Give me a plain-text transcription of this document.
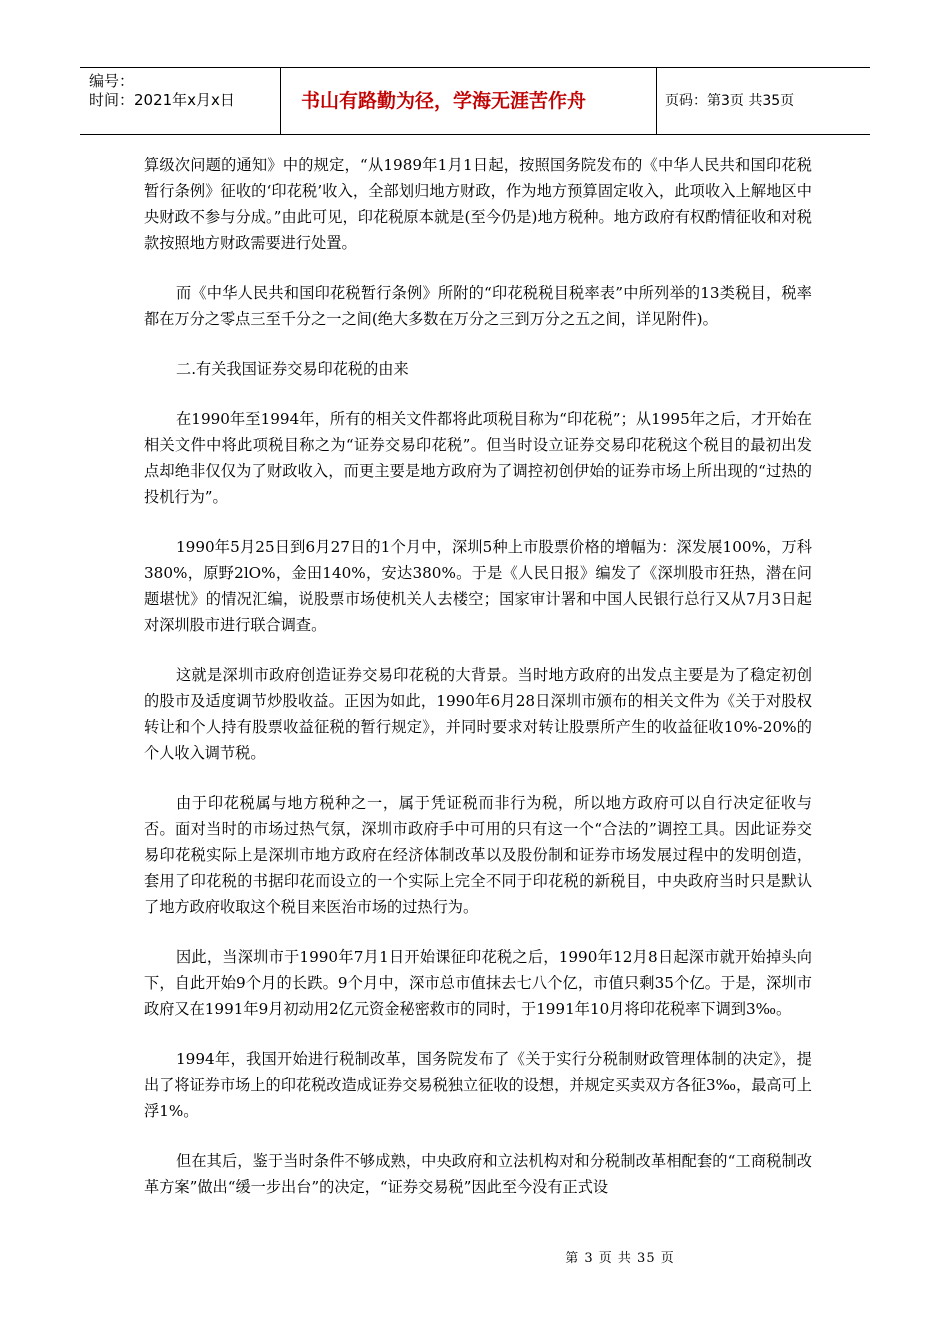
编号：
时间：2021年x月x日	书山有路勤为径，学海无涯苦作舟	页码：第3页 共35页

算级次问题的通知》中的规定，“从1989年1月1日起，按照国务院发布的《中华人民共和国印花税暂行条例》征收的‘印花税’收入，全部划归地方财政，作为地方预算固定收入，此项收入上解地区中央财政不参与分成。”由此可见，印花税原本就是(至今仍是)地方税种。地方政府有权酌情征收和对税款按照地方财政需要进行处置。

而《中华人民共和国印花税暂行条例》所附的“印花税税目税率表”中所列举的13类税目，税率都在万分之零点三至千分之一之间(绝大多数在万分之三到万分之五之间，详见附件)。

二.有关我国证券交易印花税的由来

在1990年至1994年，所有的相关文件都将此项税目称为“印花税”；从1995年之后，才开始在相关文件中将此项税目称之为“证券交易印花税”。但当时设立证券交易印花税这个税目的最初出发点却绝非仅仅为了财政收入，而更主要是地方政府为了调控初创伊始的证券市场上所出现的“过热的投机行为”。

1990年5月25日到6月27日的1个月中，深圳5种上市股票价格的增幅为：深发展100%，万科380%，原野2lO%，金田140%，安达380%。于是《人民日报》编发了《深圳股市狂热，潜在问题堪忧》的情况汇编，说股票市场使机关人去楼空；国家审计署和中国人民银行总行又从7月3日起对深圳股市进行联合调查。

这就是深圳市政府创造证券交易印花税的大背景。当时地方政府的出发点主要是为了稳定初创的股市及适度调节炒股收益。正因为如此，1990年6月28日深圳市颁布的相关文件为《关于对股权转让和个人持有股票收益征税的暂行规定》，并同时要求对转让股票所产生的收益征收10%-20%的个人收入调节税。

由于印花税属与地方税种之一，属于凭证税而非行为税，所以地方政府可以自行决定征收与否。面对当时的市场过热气氛，深圳市政府手中可用的只有这一个“合法的”调控工具。因此证券交易印花税实际上是深圳市地方政府在经济体制改革以及股份制和证券市场发展过程中的发明创造，套用了印花税的书据印花而设立的一个实际上完全不同于印花税的新税目，中央政府当时只是默认了地方政府收取这个税目来医治市场的过热行为。

因此，当深圳市于1990年7月1日开始课征印花税之后，1990年12月8日起深市就开始掉头向下，自此开始9个月的长跌。9个月中，深市总市值抹去七八个亿，市值只剩35个亿。于是，深圳市政府又在1991年9月初动用2亿元资金秘密救市的同时，于1991年10月将印花税率下调到3‰。

1994年，我国开始进行税制改革，国务院发布了《关于实行分税制财政管理体制的决定》，提出了将证券市场上的印花税改造成证券交易税独立征收的设想，并规定买卖双方各征3‰，最高可上浮1%。

但在其后，鉴于当时条件不够成熟，中央政府和立法机构对和分税制改革相配套的“工商税制改革方案”做出“缓一步出台”的决定，“证券交易税”因此至今没有正式设

第 3 页 共 35 页
